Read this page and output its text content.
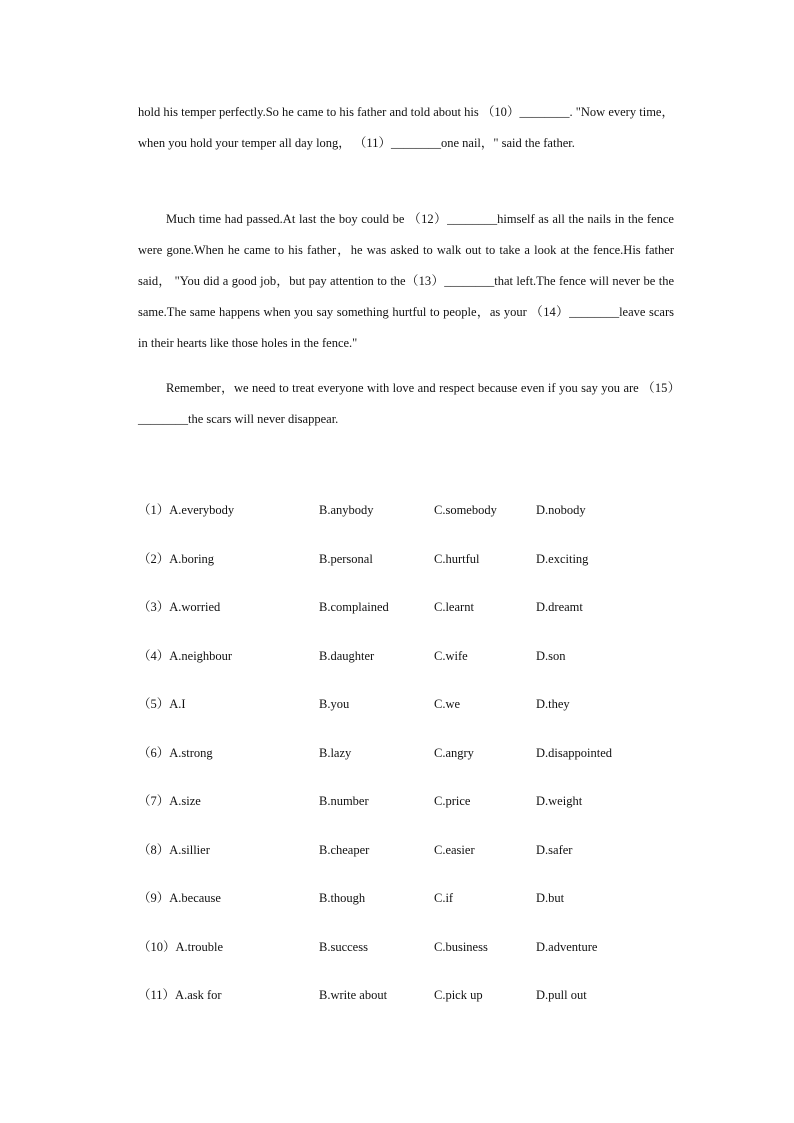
hold his temper perfectly.So he came to his father and told about his （10）________. "Now every time，when you hold your temper all day long， （11）________one nail，" said the father.

Much time had passed.At last the boy could be （12）________himself as all the nails in the fence were gone.When he came to his father，he was asked to walk out to take a look at the fence.His father said， "You did a good job，but pay attention to the（13）________that left.The fence will never be the same.The same happens when you say something hurtful to people，as your （14）________leave scars in their hearts like those holes in the fence."

Remember，we need to treat everyone with love and respect because even if you say you are （15）________the scars will never disappear.

（1）A.everybody	B.anybody	C.somebody	D.nobody
（2）A.boring	B.personal	C.hurtful	D.exciting
（3）A.worried	B.complained	C.learnt	D.dreamt
（4）A.neighbour	B.daughter	C.wife	D.son
（5）A.I	B.you	C.we	D.they
（6）A.strong	B.lazy	C.angry	D.disappointed
（7）A.size	B.number	C.price	D.weight
（8）A.sillier	B.cheaper	C.easier	D.safer
（9）A.because	B.though	C.if	D.but
（10）A.trouble	B.success	C.business	D.adventure
（11）A.ask for	B.write about	C.pick up	D.pull out
